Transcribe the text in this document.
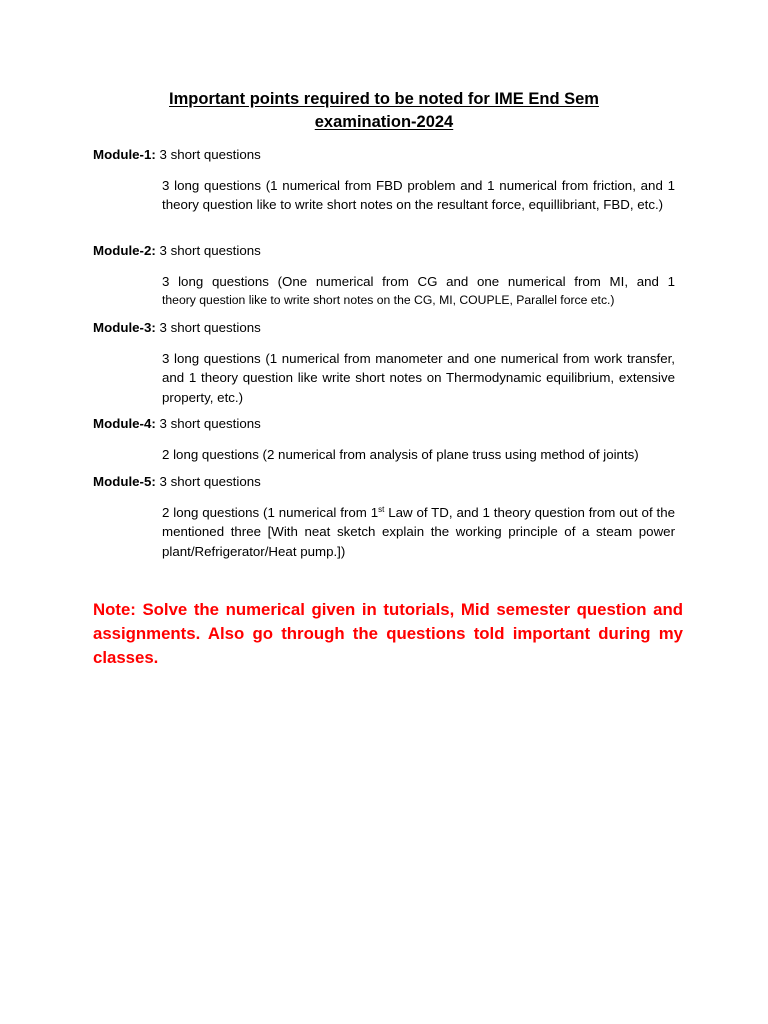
Important points required to be noted for IME End Sem
examination-2024
Module-1: 3 short questions
3 long questions (1 numerical from FBD problem and 1 numerical from friction, and 1 theory question like to write short notes on the resultant force, equillibriant, FBD, etc.)
Module-2: 3 short questions
3 long questions (One numerical from CG and one numerical from MI, and 1
theory question like to write short notes on the CG, MI, COUPLE, Parallel force etc.)
Module-3: 3 short questions
3 long questions (1 numerical from manometer and one numerical from work transfer, and 1 theory question like write short notes on Thermodynamic equilibrium, extensive property, etc.)
Module-4: 3 short questions
2 long questions (2 numerical from analysis of plane truss using method of joints)
Module-5: 3 short questions
2 long questions (1 numerical from 1st Law of TD, and 1 theory question from out of the mentioned three [With neat sketch explain the working principle of a steam power plant/Refrigerator/Heat pump.])
Note: Solve the numerical given in tutorials, Mid semester question and assignments. Also go through the questions told important during my classes.
